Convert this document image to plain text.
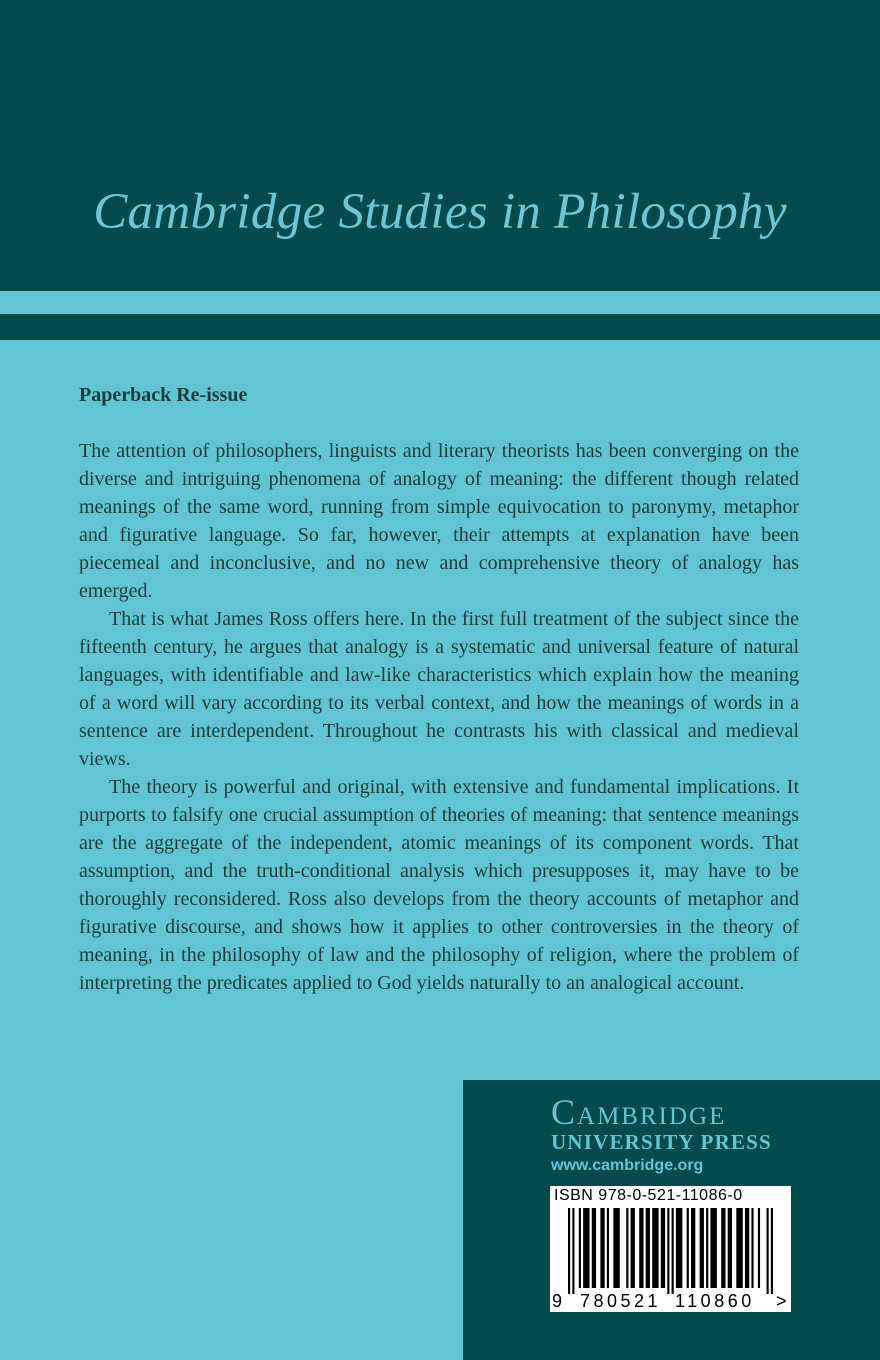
Cambridge Studies in Philosophy
Paperback Re-issue

The attention of philosophers, linguists and literary theorists has been converging on the diverse and intriguing phenomena of analogy of meaning: the different though related meanings of the same word, running from simple equivocation to paronymy, metaphor and figurative language. So far, however, their attempts at explanation have been piecemeal and inconclusive, and no new and comprehensive theory of analogy has emerged.

That is what James Ross offers here. In the first full treatment of the subject since the fifteenth century, he argues that analogy is a systematic and universal feature of natural languages, with identifiable and law-like characteristics which explain how the meaning of a word will vary according to its verbal context, and how the meanings of words in a sentence are interdependent. Throughout he contrasts his with classical and medieval views.

The theory is powerful and original, with extensive and fundamental implications. It purports to falsify one crucial assumption of theories of meaning: that sentence meanings are the aggregate of the independent, atomic meanings of its component words. That assumption, and the truth-conditional analysis which presupposes it, may have to be thoroughly reconsidered. Ross also develops from the theory accounts of metaphor and figurative discourse, and shows how it applies to other controversies in the theory of meaning, in the philosophy of law and the philosophy of religion, where the problem of interpreting the predicates applied to God yields naturally to an analogical account.

Cambridge
UNIVERSITY PRESS
www.cambridge.org
ISBN 978-0-521-11086-0
9 780521 110860 >
